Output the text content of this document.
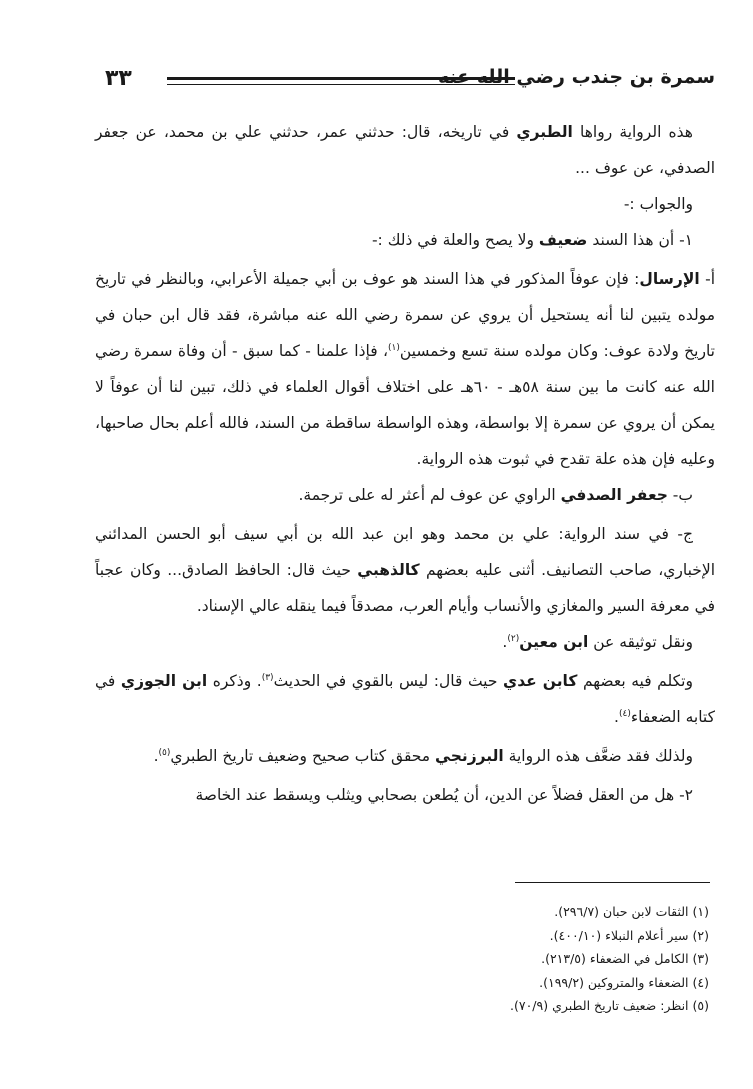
٣٣	سمرة بن جندب رضي الله عنه

هذه الرواية رواها الطبري في تاريخه، قال: حدثني عمر، حدثني علي بن محمد، عن جعفر الصدفي، عن عوف ...

والجواب :-

١- أن هذا السند ضعيف ولا يصح والعلة في ذلك :-

أ- الإرسال: فإن عوفاً المذكور في هذا السند هو عوف بن أبي جميلة الأعرابي، وبالنظر في تاريخ مولده يتبين لنا أنه يستحيل أن يروي عن سمرة رضي الله عنه مباشرة، فقد قال ابن حبان في تاريخ ولادة عوف: وكان مولده سنة تسع وخمسين$^{(١)}$، فإذا علمنا - كما سبق - أن وفاة سمرة رضي الله عنه كانت ما بين سنة ٥٨هـ - ٦٠هـ على اختلاف أقوال العلماء في ذلك، تبين لنا أن عوفاً لا يمكن أن يروي عن سمرة إلا بواسطة، وهذه الواسطة ساقطة من السند، فالله أعلم بحال صاحبها، وعليه فإن هذه علة تقدح في ثبوت هذه الرواية.

ب- جعفر الصدفي الراوي عن عوف لم أعثر له على ترجمة.

ج- في سند الرواية: علي بن محمد وهو ابن عبد الله بن أبي سيف أبو الحسن المدائني الإخباري، صاحب التصانيف. أثنى عليه بعضهم كالذهبي حيث قال: الحافظ الصادق... وكان عجباً في معرفة السير والمغازي والأنساب وأيام العرب، مصدقاً فيما ينقله عالي الإسناد.

ونقل توثيقه عن ابن معين$^{(٢)}$.

وتكلم فيه بعضهم كابن عدي حيث قال: ليس بالقوي في الحديث$^{(٣)}$. وذكره ابن الجوزي في كتابه الضعفاء$^{(٤)}$.

ولذلك فقد ضعَّف هذه الرواية البرزنجي محقق كتاب صحيح وضعيف تاريخ الطبري$^{(٥)}$.

٢- هل من العقل فضلاً عن الدين، أن يُطعن بصحابي ويثلب ويسقط عند الخاصة

(١) الثقات لابن حبان (٢٩٦/٧).
(٢) سير أعلام النبلاء (٤٠٠/١٠).
(٣) الكامل في الضعفاء (٢١٣/٥).
(٤) الضعفاء والمتروكين (١٩٩/٢).
(٥) انظر: ضعيف تاريخ الطبري (٧٠/٩).
